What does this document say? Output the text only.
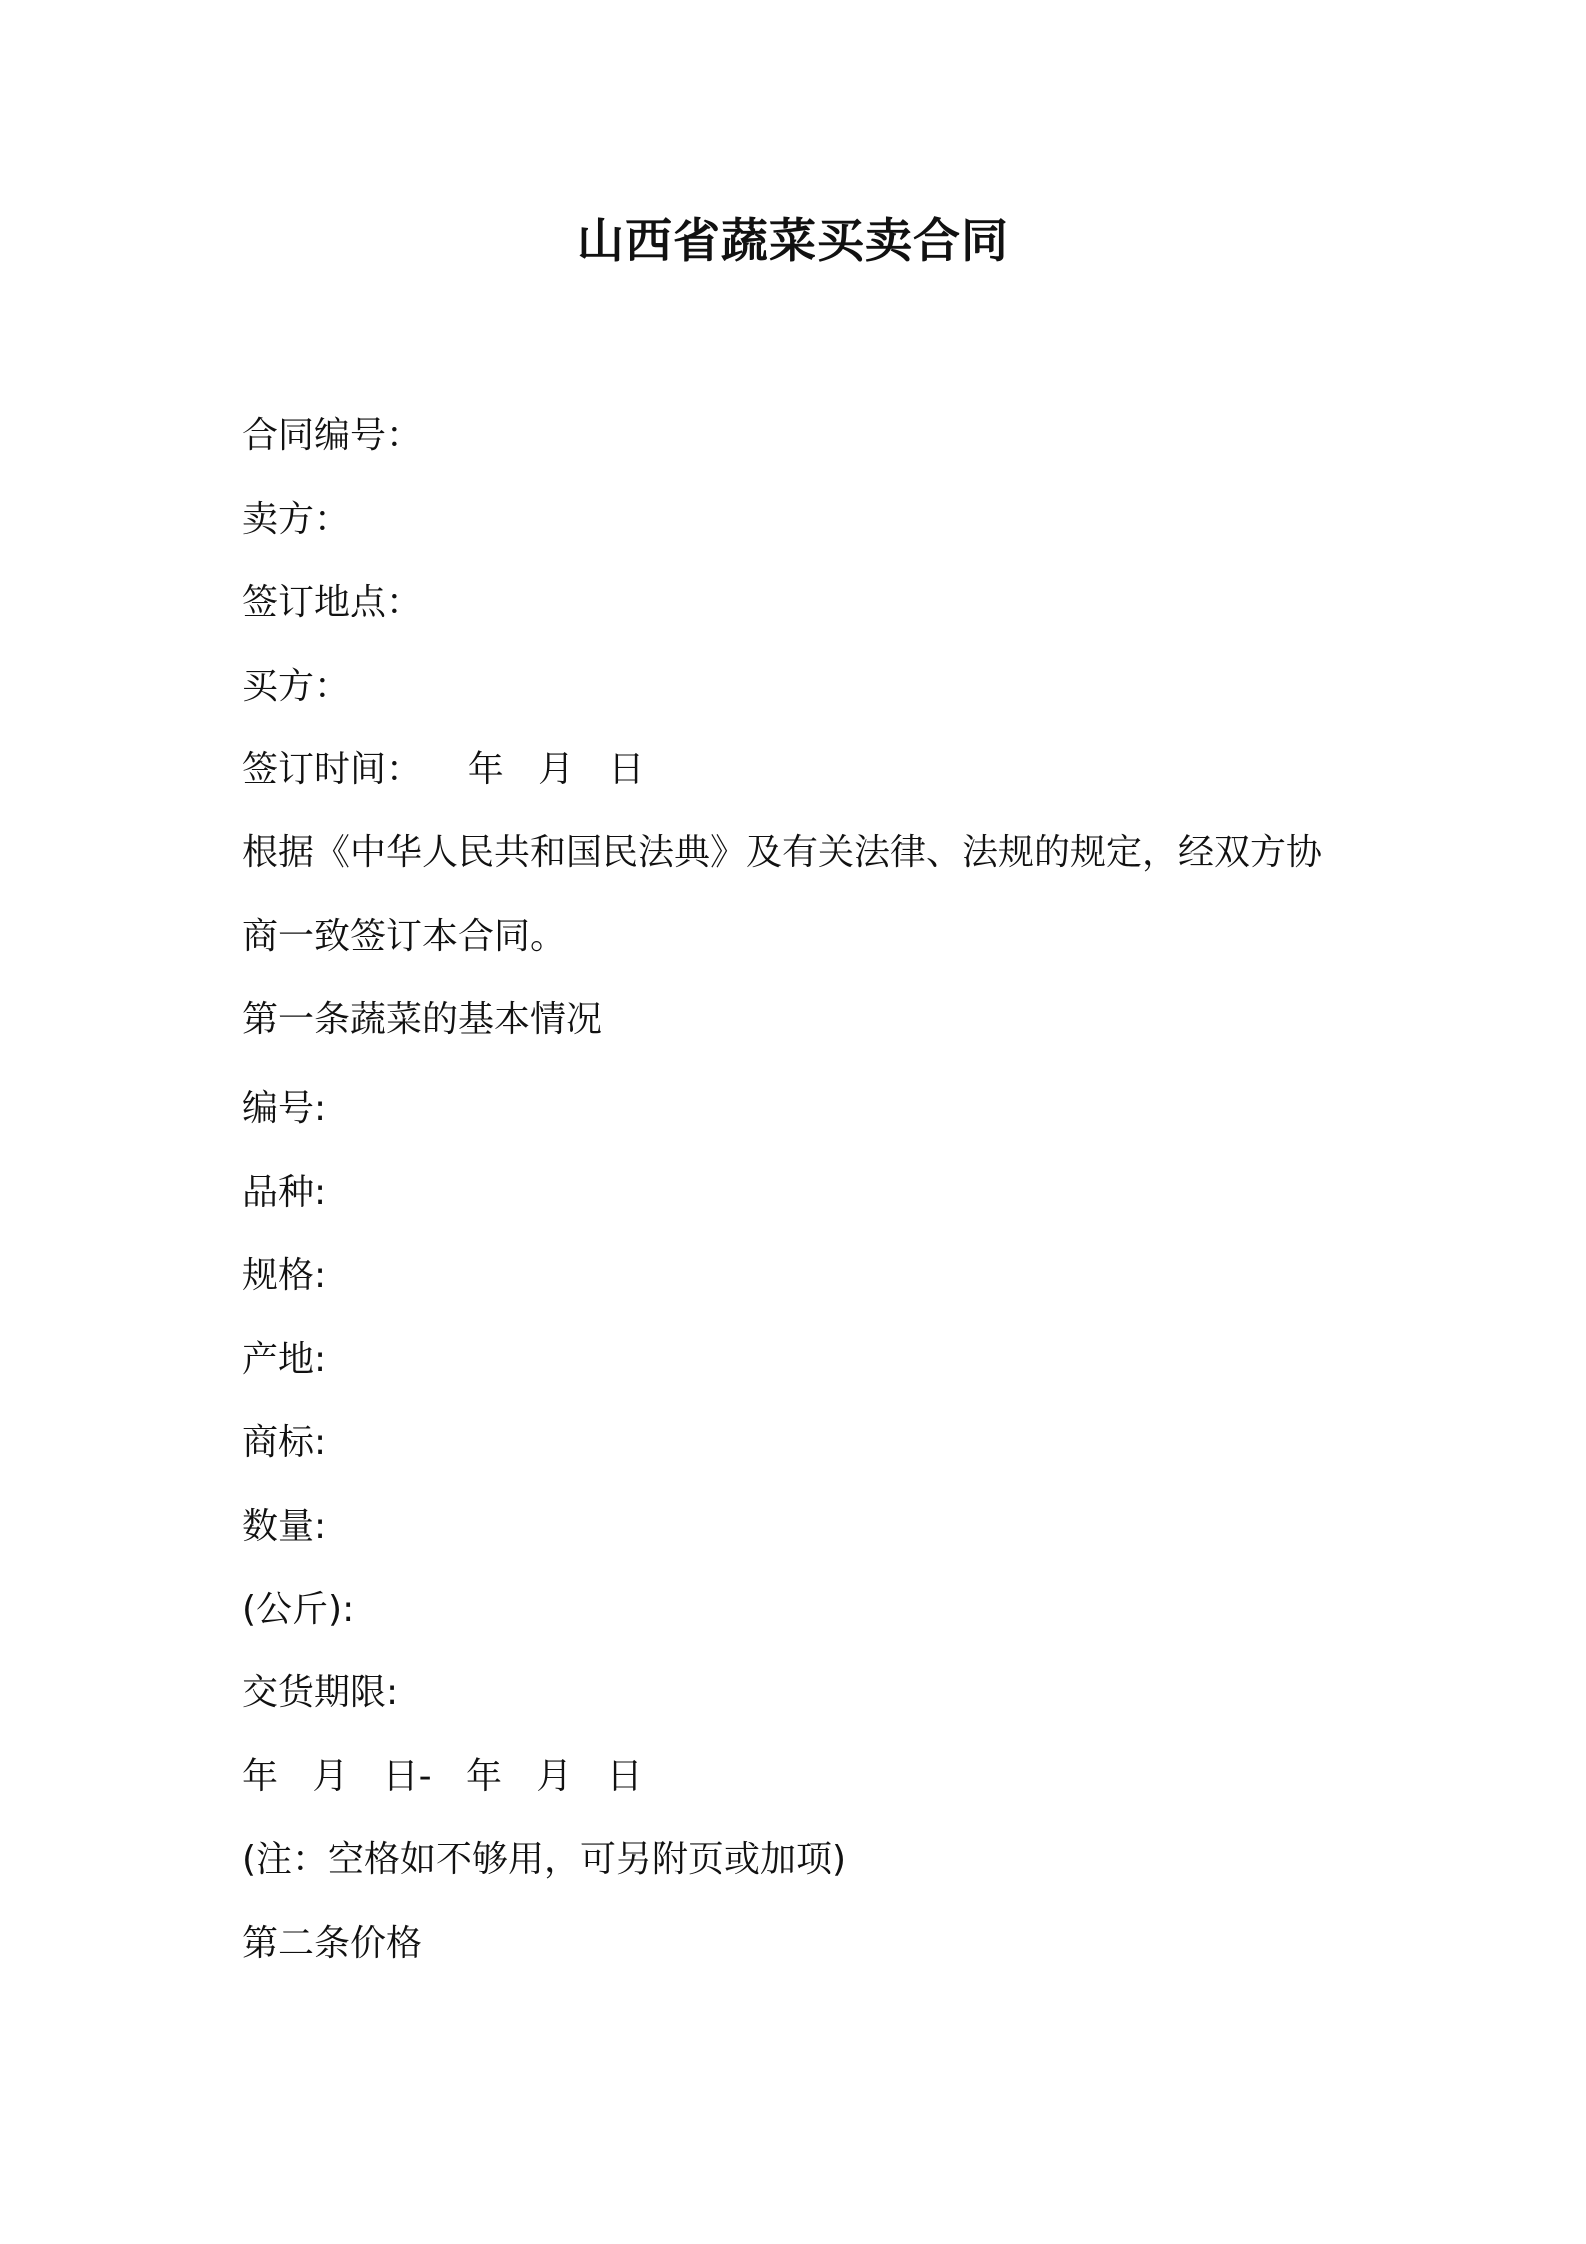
山西省蔬菜买卖合同
合同编号：
卖方：
签订地点：
买方：
签订时间：    年   月   日
根据《中华人民共和国民法典》及有关法律、法规的规定，经双方协
商一致签订本合同。
第一条蔬菜的基本情况
编号:
品种:
规格:
产地:
商标:
数量:
(公斤):
交货期限:
年   月   日-   年   月   日
(注：空格如不够用，可另附页或加项)
第二条价格
